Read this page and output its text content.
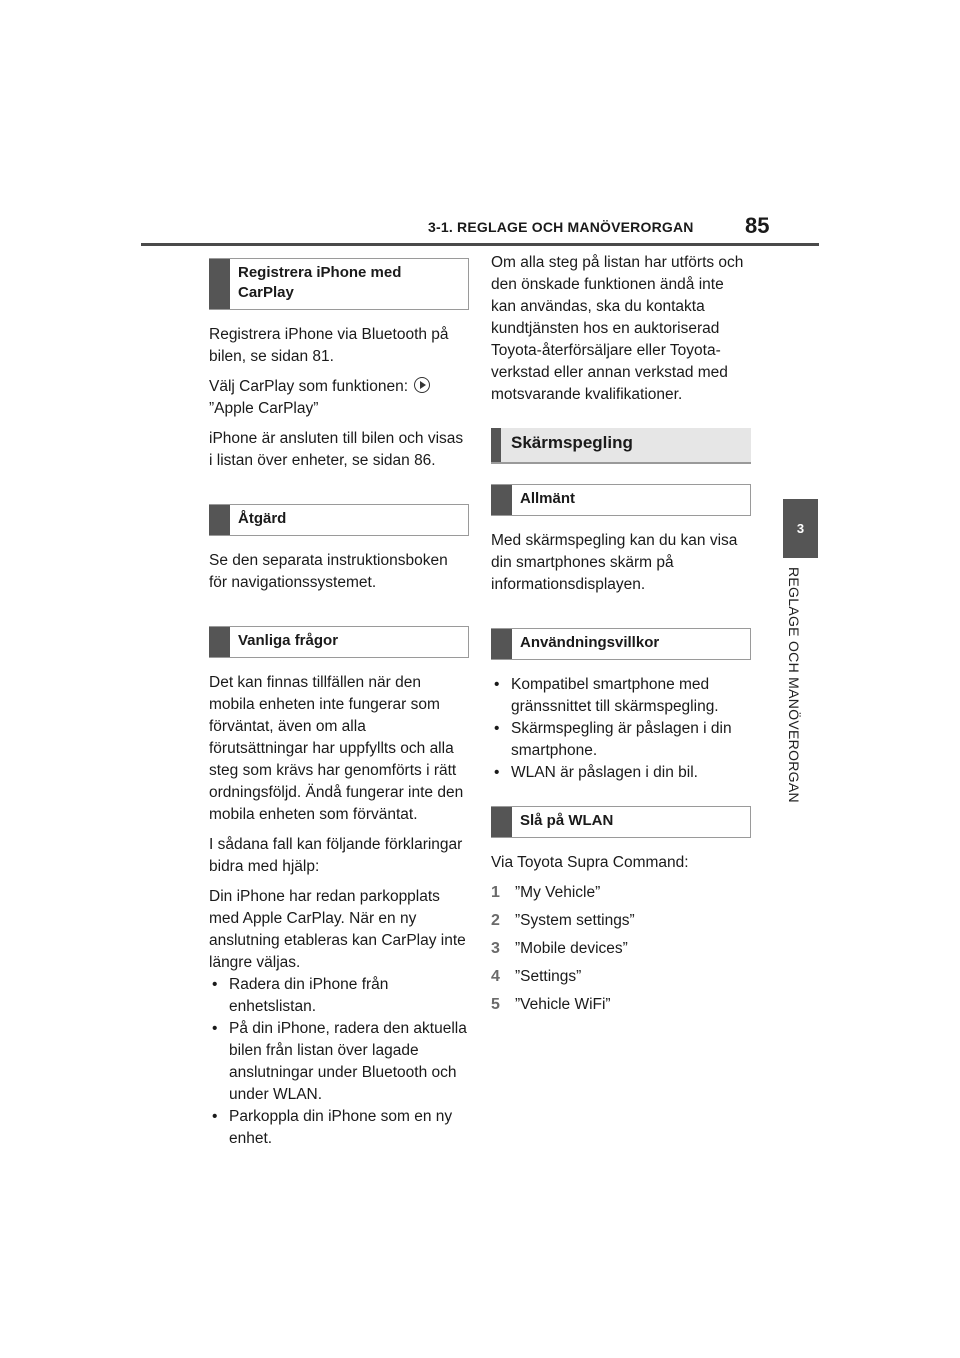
3-1. REGLAGE OCH MANÖVERORGAN 85
3
REGLAGE OCH MANÖVERORGAN
Registrera iPhone med CarPlay

Registrera iPhone via Bluetooth på bilen, se sidan 81.

Välj CarPlay som funktionen:
”Apple CarPlay”

iPhone är ansluten till bilen och visas i listan över enheter, se sidan 86.

Åtgärd

Se den separata instruktionsboken för navigationssystemet.

Vanliga frågor

Det kan finnas tillfällen när den mobila enheten inte fungerar som förväntat, även om alla förutsättningar har uppfyllts och alla steg som krävs har genomförts i rätt ordningsföljd. Ändå fungerar inte den mobila enheten som förväntat.

I sådana fall kan följande förklaringar bidra med hjälp:

Din iPhone har redan parkopplats med Apple CarPlay. När en ny anslutning etableras kan CarPlay inte längre väljas.

• Radera din iPhone från enhetslistan.
• På din iPhone, radera den aktuella bilen från listan över lagade anslutningar under Bluetooth och under WLAN.
• Parkoppla din iPhone som en ny enhet.

Om alla steg på listan har utförts och den önskade funktionen ändå inte kan användas, ska du kontakta kundtjänsten hos en auktoriserad Toyota-återförsäljare eller Toyota-verkstad eller annan verkstad med motsvarande kvalifikationer.

Skärmspegling
Allmänt

Med skärmspegling kan du kan visa din smartphones skärm på informationsdisplayen.

Användningsvillkor
• Kompatibel smartphone med gränssnittet till skärmspegling.
• Skärmspegling är påslagen i din smartphone.
• WLAN är påslagen i din bil.
Slå på WLAN

Via Toyota Supra Command:

1 ”My Vehicle”
2 ”System settings”
3 ”Mobile devices”
4 ”Settings”
5 ”Vehicle WiFi”
